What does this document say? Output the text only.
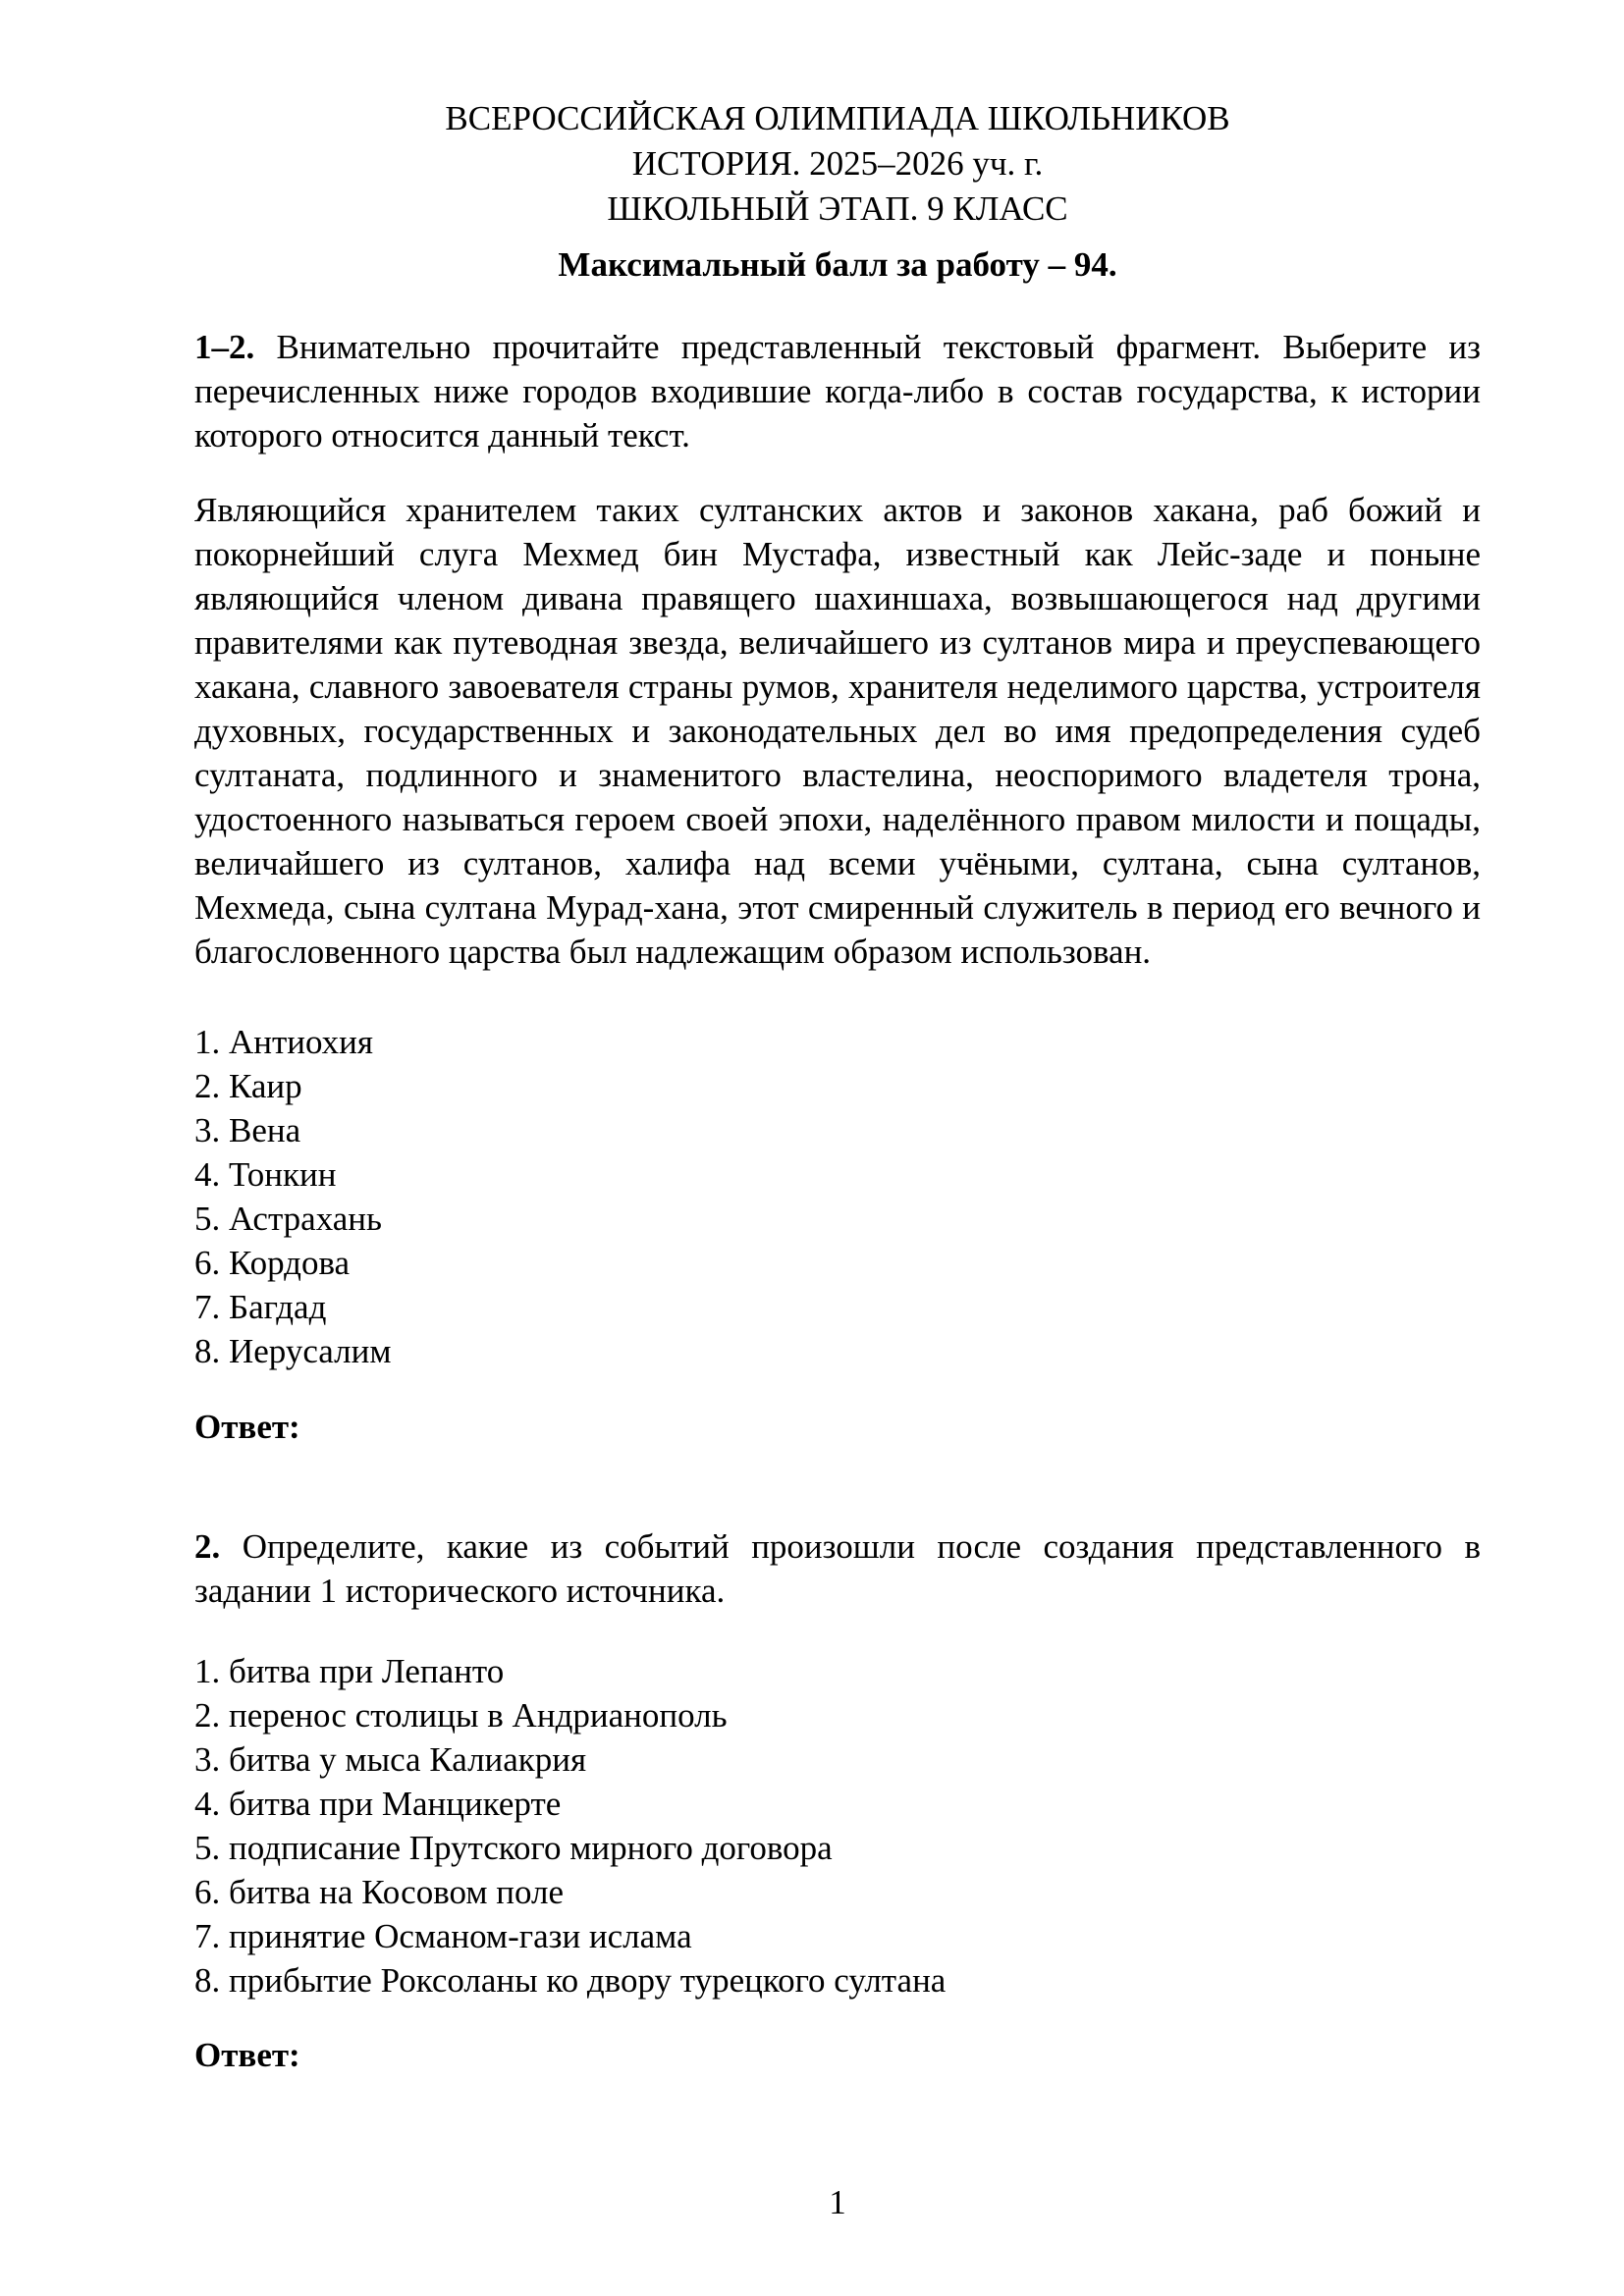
ВСЕРОССИЙСКАЯ ОЛИМПИАДА ШКОЛЬНИКОВ
ИСТОРИЯ. 2025–2026 уч. г.
ШКОЛЬНЫЙ ЭТАП. 9 КЛАСС
Максимальный балл за работу – 94.
1–2. Внимательно прочитайте представленный текстовый фрагмент. Выберите из перечисленных ниже городов входившие когда-либо в состав государства, к истории которого относится данный текст.
Являющийся хранителем таких султанских актов и законов хакана, раб божий и покорнейший слуга Мехмед бин Мустафа, известный как Лейс-заде и поныне являющийся членом дивана правящего шахиншаха, возвышающегося над другими правителями как путеводная звезда, величайшего из султанов мира и преуспевающего хакана, славного завоевателя страны румов, хранителя неделимого царства, устроителя духовных, государственных и законодательных дел во имя предопределения судеб султаната, подлинного и знаменитого властелина, неоспоримого владетеля трона, удостоенного называться героем своей эпохи, наделённого правом милости и пощады, величайшего из султанов, халифа над всеми учёными, султана, сына султанов, Мехмеда, сына султана Мурад-хана, этот смиренный служитель в период его вечного и благословенного царства был надлежащим образом использован.
1. Антиохия
2. Каир
3. Вена
4. Тонкин
5. Астрахань
6. Кордова
7. Багдад
8. Иерусалим
Ответ:
2. Определите, какие из событий произошли после создания представленного в задании 1 исторического источника.
1. битва при Лепанто
2. перенос столицы в Андрианополь
3. битва у мыса Калиакрия
4. битва при Манцикерте
5. подписание Прутского мирного договора
6. битва на Косовом поле
7. принятие Османом-гази ислама
8. прибытие Роксоланы ко двору турецкого султана
Ответ:
1
